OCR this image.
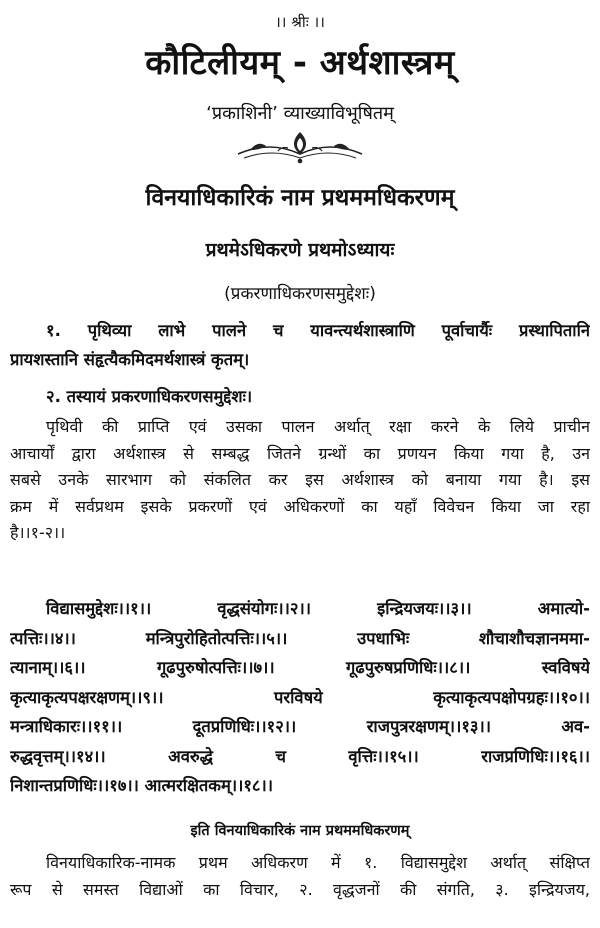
।। श्रीः ।।
कौटिलीयम् - अर्थशास्त्रम्
‘प्रकाशिनी’ व्याख्याविभूषितम्
विनयाधिकारिकं नाम प्रथममधिकरणम्
प्रथमेऽधिकरणे प्रथमोऽध्यायः
(प्रकरणाधिकरणसमुद्देशः)
१. पृथिव्या लाभे पालने च यावन्त्यर्थशास्त्राणि पूर्वाचार्यैः प्रस्थापितानि
प्रायशस्तानि संहृत्यैकमिदमर्थशास्त्रं कृतम्।
२. तस्यायं प्रकरणाधिकरणसमुद्देशः।
पृथिवी की प्राप्ति एवं उसका पालन अर्थात् रक्षा करने के लिये प्राचीन
आचार्यों द्वारा अर्थशास्त्र से सम्बद्ध जितने ग्रन्थों का प्रणयन किया गया है, उन
सबसे उनके सारभाग को संकलित कर इस अर्थशास्त्र को बनाया गया है। इस
क्रम में सर्वप्रथम इसके प्रकरणों एवं अधिकरणों का यहाँ विवेचन किया जा रहा
है।।१-२।।
विद्यासमुद्देशः।।१।। वृद्धसंयोगः।।२।। इन्द्रियजयः।।३।। अमात्यो-
त्पत्तिः।।४।। मन्त्रिपुरोहितोत्पत्तिः।।५।। उपधाभिः शौचाशौचज्ञानममा-
त्यानाम्।।६।। गूढपुरुषोत्पत्तिः।।७।। गूढपुरुषप्रणिधिः।।८।। स्वविषये
कृत्याकृत्यपक्षरक्षणम्।।९।। परविषये कृत्याकृत्यपक्षोपग्रहः।।१०।।
मन्त्राधिकारः।।११।। दूतप्रणिधिः।।१२।। राजपुत्ररक्षणम्।।१३।। अव-
रुद्धवृत्तम्।।१४।। अवरुद्धे च वृत्तिः।।१५।। राजप्रणिधिः।।१६।।
निशान्तप्रणिधिः।।१७।। आत्मरक्षितकम्।।१८।।
इति विनयाधिकारिकं नाम प्रथममधिकरणम्
विनयाधिकारिक-नामक प्रथम अधिकरण में १. विद्यासमुद्देश अर्थात् संक्षिप्त
रूप से समस्त विद्याओं का विचार, २. वृद्धजनों की संगति, ३. इन्द्रियजय,
